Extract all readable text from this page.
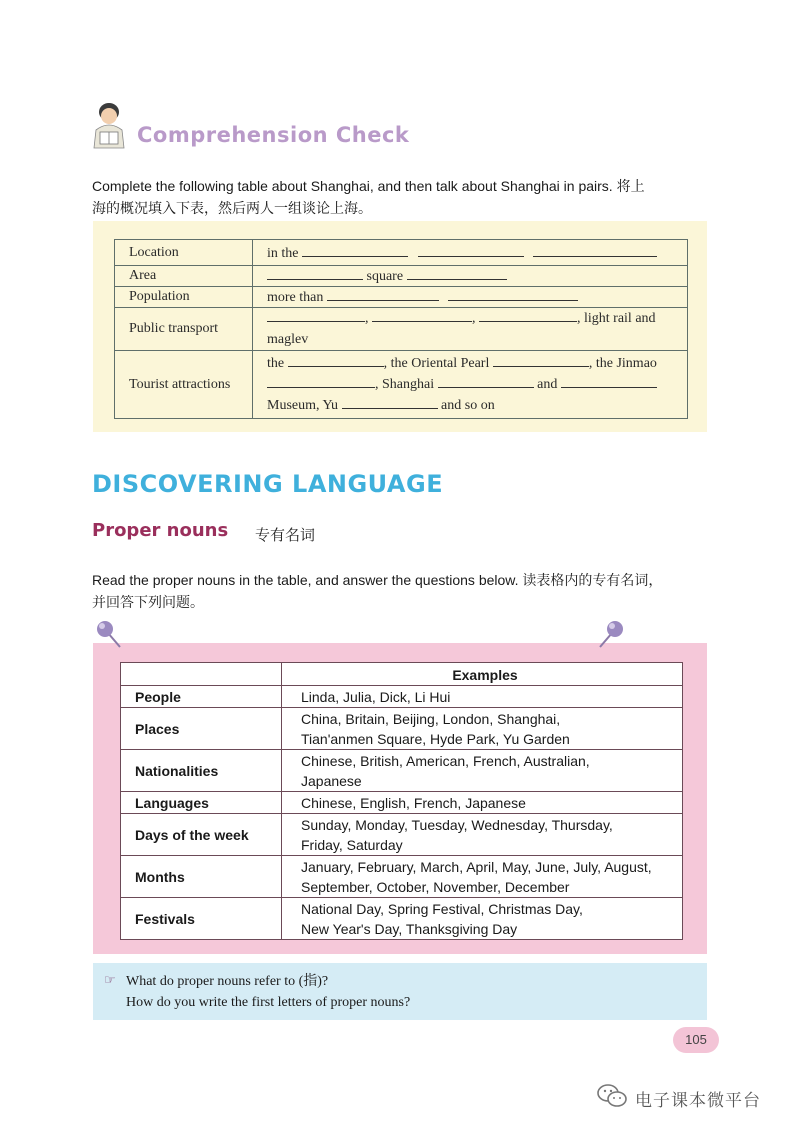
Comprehension Check
Complete the following table about Shanghai, and then talk about Shanghai in pairs. 将上
海的概况填入下表，然后两人一组谈论上海。
Location	in the
Area	square
Population	more than
Public transport	, , , light rail and
maglev
Tourist attractions	the , the Oriental Pearl , the Jinmao
, Shanghai and
Museum, Yu and so on
DISCOVERING LANGUAGE
Proper nouns 专有名词
Read the proper nouns in the table, and answer the questions below. 读表格内的专有名词，
并回答下列问题。
	Examples
People	Linda, Julia, Dick, Li Hui

Places	China, Britain, Beijing, London, Shanghai,
Tian'anmen Square, Hyde Park, Yu Garden

Nationalities	Chinese, British, American, French, Australian,
Japanese

Languages	Chinese, English, French, Japanese

Days of the week	Sunday, Monday, Tuesday, Wednesday, Thursday,
Friday, Saturday

Months	January, February, March, April, May, June, July, August,
September, October, November, December

Festivals	National Day, Spring Festival, Christmas Day,
New Year's Day, Thanksgiving Day
☞ What do proper nouns refer to (指)?
How do you write the first letters of proper nouns?
105
电子课本微平台
